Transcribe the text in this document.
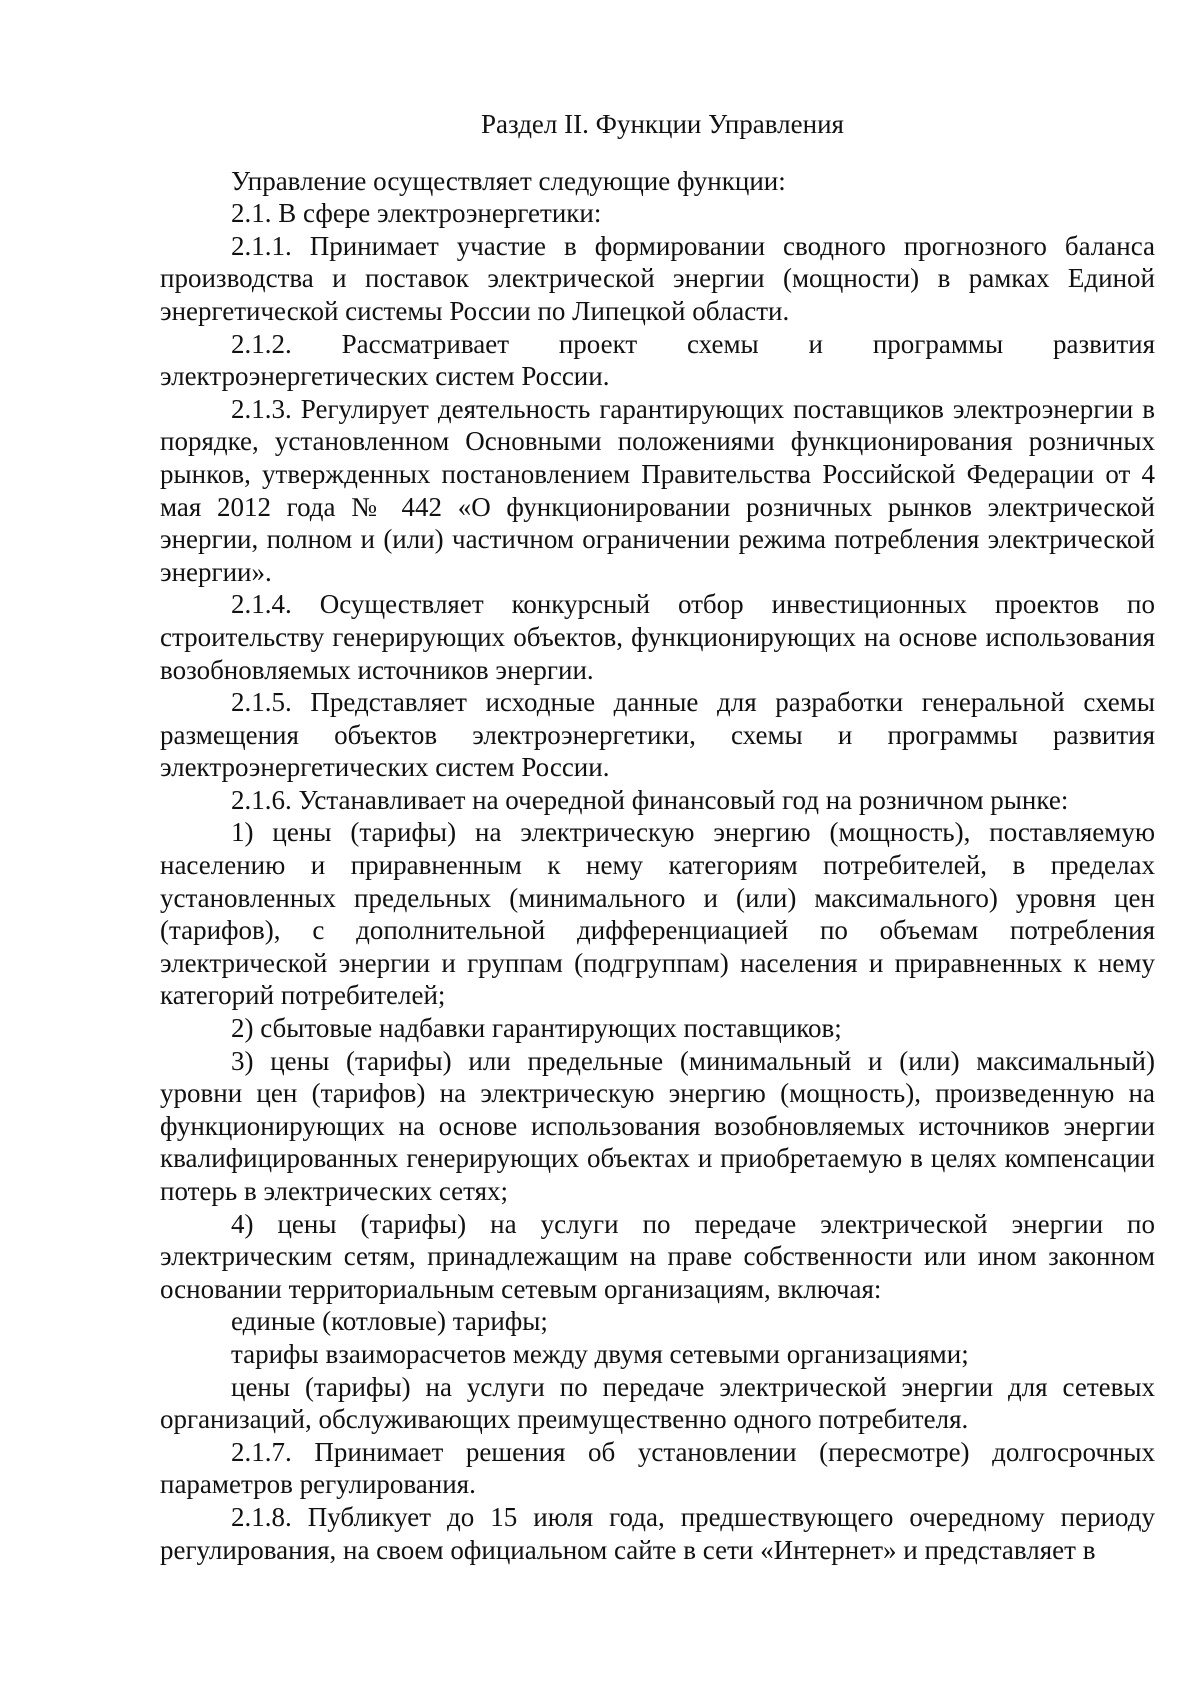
Раздел II. Функции Управления

Управление осуществляет следующие функции:

2.1. В сфере электроэнергетики:

2.1.1. Принимает участие в формировании сводного прогнозного баланса производства и поставок электрической энергии (мощности) в рамках Единой энергетической системы России по Липецкой области.

2.1.2. Рассматривает проект схемы и программы развития электроэнергетических систем России.

2.1.3. Регулирует деятельность гарантирующих поставщиков электроэнергии в порядке, установленном Основными положениями функционирования розничных рынков, утвержденных постановлением Правительства Российской Федерации от 4 мая 2012 года № 442 «О функционировании розничных рынков электрической энергии, полном и (или) частичном ограничении режима потребления электрической энергии».

2.1.4. Осуществляет конкурсный отбор инвестиционных проектов по строительству генерирующих объектов, функционирующих на основе использования возобновляемых источников энергии.

2.1.5. Представляет исходные данные для разработки генеральной схемы размещения объектов электроэнергетики, схемы и программы развития электроэнергетических систем России.

2.1.6. Устанавливает на очередной финансовый год на розничном рынке:

1) цены (тарифы) на электрическую энергию (мощность), поставляемую населению и приравненным к нему категориям потребителей, в пределах установленных предельных (минимального и (или) максимального) уровня цен (тарифов), с дополнительной дифференциацией по объемам потребления электрической энергии и группам (подгруппам) населения и приравненных к нему категорий потребителей;

2) сбытовые надбавки гарантирующих поставщиков;

3) цены (тарифы) или предельные (минимальный и (или) максимальный) уровни цен (тарифов) на электрическую энергию (мощность), произведенную на функционирующих на основе использования возобновляемых источников энергии квалифицированных генерирующих объектах и приобретаемую в целях компенсации потерь в электрических сетях;

4) цены (тарифы) на услуги по передаче электрической энергии по электрическим сетям, принадлежащим на праве собственности или ином законном основании территориальным сетевым организациям, включая:

единые (котловые) тарифы;

тарифы взаиморасчетов между двумя сетевыми организациями;

цены (тарифы) на услуги по передаче электрической энергии для сетевых организаций, обслуживающих преимущественно одного потребителя.

2.1.7. Принимает решения об установлении (пересмотре) долгосрочных параметров регулирования.

2.1.8. Публикует до 15 июля года, предшествующего очередному периоду регулирования, на своем официальном сайте в сети «Интернет» и представляет в
